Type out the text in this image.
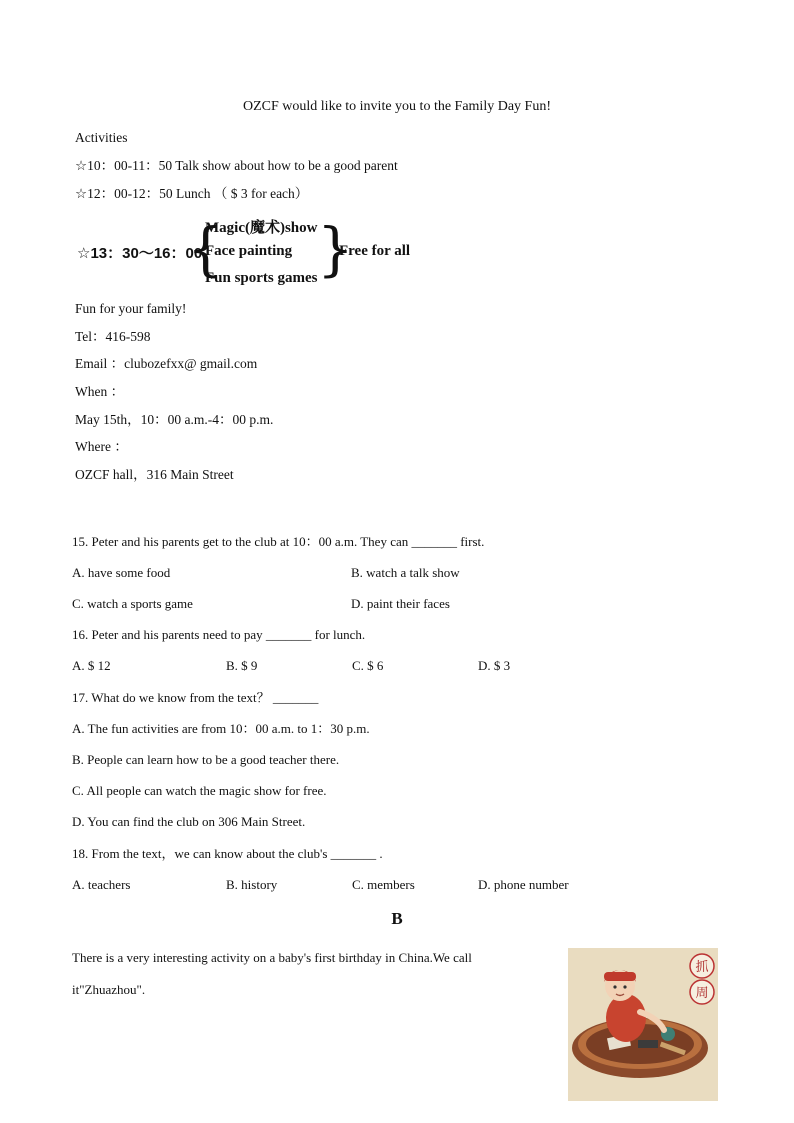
OZCF would like to invite you to the Family Day Fun!
Activities
☆10：00-11：50 Talk show about how to be a good parent
☆12：00-12：50 Lunch （ $ 3 for each）
☆13：30～16：00
{
Magic(魔术)show
Face painting
Fun sports games }
Free for all
Fun for your family!
Tel：416-598
Email ：clubozefxx@ gmail.com
When ：
May 15th，10：00 a.m.-4：00 p.m.
Where ：
OZCF hall，316 Main Street
15. Peter and his parents get to the club at 10：00 a.m. They can _______ first.
A. have some food	B. watch a talk show
C. watch a sports game	D. paint their faces
16. Peter and his parents need to pay _______ for lunch.
A. $ 12	B. $ 9	C. $ 6	D. $ 3
17. What do we know from the text？ _______
A. The fun activities are from 10：00 a.m. to 1：30 p.m.
B. People can learn how to be a good teacher there.
C. All people can watch the magic show for free.
D. You can find the club on 306 Main Street.
18. From the text，we can know about the club's _______ .
A. teachers	B. history	C. members	D. phone number
B
There is a very interesting activity on a baby's first birthday in China.We call
it"Zhuazhou".
抓
周
